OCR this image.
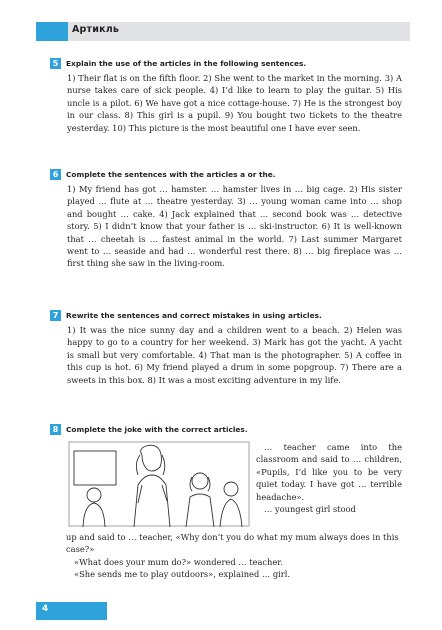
Артикль
5	Explain the use of the articles in the following sentences.
1) Their flat is on the fifth floor. 2) She went to the market in the morning. 3) A nurse takes care of sick people. 4) I’d like to learn to play the guitar. 5) His uncle is a pilot. 6) We have got a nice cottage-house. 7) He is the strongest boy in our class. 8) This girl is a pupil. 9) You bought two tickets to the theatre yesterday. 10) This picture is the most beautiful one I have ever seen.
6	Complete the sentences with the articles a or the.
1) My friend has got … hamster. … hamster lives in … big cage. 2) His sister played … flute at … theatre yesterday. 3) … young woman came into … shop and bought … cake. 4) Jack explained that … second book was … detective story. 5) I didn’t know that your father is … ski-instructor. 6) It is well-known that … cheetah is … fastest animal in the world. 7) Last summer Margaret went to … seaside and had … wonderful rest there. 8) … big fireplace was … first thing she saw in the living-room.
7	Rewrite the sentences and correct mistakes in using articles.
1) It was the nice sunny day and a children went to a beach. 2) Helen was happy to go to a country for her weekend. 3) Mark has got the yacht. A yacht is small but very comfortable. 4) That man is the photographer. 5) A coffee in this cup is hot. 6) My friend played a drum in some popgroup. 7) There are a sweets in this box. 8) It was a most exciting adventure in my life.
8	Complete the joke with the correct articles.
… teacher came into the classroom and said to … children, «Pupils, I’d like you to be very quiet today. I have got … terrible headache».
… youngest girl stood
up and said to … teacher, «Why don’t you do what my mum always does in this case?»
«What does your mum do?» wondered … teacher.
«She sends me to play outdoors», explained … girl.
4
